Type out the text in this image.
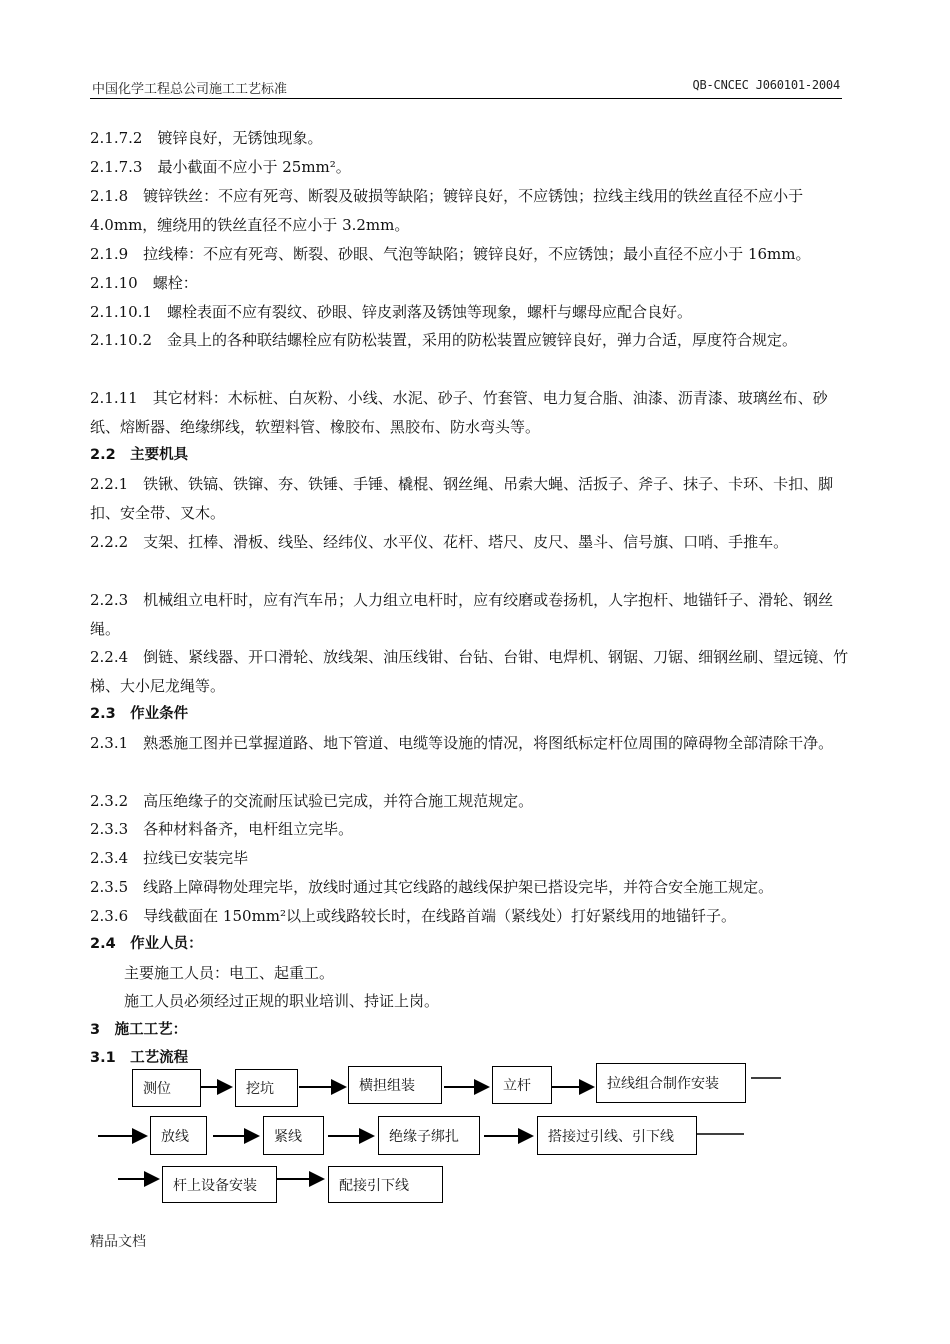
中国化学工程总公司施工工艺标准	QB-CNCEC J060101-2004
2.1.7.2　镀锌良好，无锈蚀现象。
2.1.7.3　最小截面不应小于 25mm²。
2.1.8　镀锌铁丝：不应有死弯、断裂及破损等缺陷；镀锌良好，不应锈蚀；拉线主线用的铁丝直径不应小于 4.0mm，缠绕用的铁丝直径不应小于 3.2mm。
2.1.9　拉线棒：不应有死弯、断裂、砂眼、气泡等缺陷；镀锌良好，不应锈蚀；最小直径不应小于 16mm。
2.1.10　螺栓：
2.1.10.1　螺栓表面不应有裂纹、砂眼、锌皮剥落及锈蚀等现象，螺杆与螺母应配合良好。
2.1.10.2　金具上的各种联结螺栓应有防松装置，采用的防松装置应镀锌良好，弹力合适，厚度符合规定。
2.1.11　其它材料：木标桩、白灰粉、小线、水泥、砂子、竹套管、电力复合脂、油漆、沥青漆、玻璃丝布、砂纸、熔断器、绝缘绑线，软塑料管、橡胶布、黑胶布、防水弯头等。
2.2　主要机具
2.2.1　铁锹、铁镐、铁镩、夯、铁锤、手锤、橇棍、钢丝绳、吊索大蝇、活扳子、斧子、抹子、卡环、卡扣、脚扣、安全带、叉木。
2.2.2　支架、扛棒、滑板、线坠、经纬仪、水平仪、花杆、塔尺、皮尺、墨斗、信号旗、口哨、手推车。
2.2.3　机械组立电杆时，应有汽车吊；人力组立电杆时，应有绞磨或卷扬机，人字抱杆、地锚钎子、滑轮、钢丝绳。
2.2.4　倒链、紧线器、开口滑轮、放线架、油压线钳、台钻、台钳、电焊机、钢锯、刀锯、细钢丝刷、望远镜、竹梯、大小尼龙绳等。
2.3　作业条件
2.3.1　熟悉施工图并已掌握道路、地下管道、电缆等设施的情况，将图纸标定杆位周围的障碍物全部清除干净。
2.3.2　高压绝缘子的交流耐压试验已完成，并符合施工规范规定。
2.3.3　各种材料备齐，电杆组立完毕。
2.3.4　拉线已安装完毕
2.3.5　线路上障碍物处理完毕，放线时通过其它线路的越线保护架已搭设完毕，并符合安全施工规定。
2.3.6　导线截面在 150mm²以上或线路较长时，在线路首端（紧线处）打好紧线用的地锚钎子。
2.4　作业人员：
主要施工人员：电工、起重工。
施工人员必须经过正规的职业培训、持证上岗。
3　施工工艺：
3.1　工艺流程
测位	挖坑	横担组装	立杆	拉线组合制作安装
放线	紧线	绝缘子绑扎	搭接过引线、引下线
杆上设备安装	配接引下线
精品文档
